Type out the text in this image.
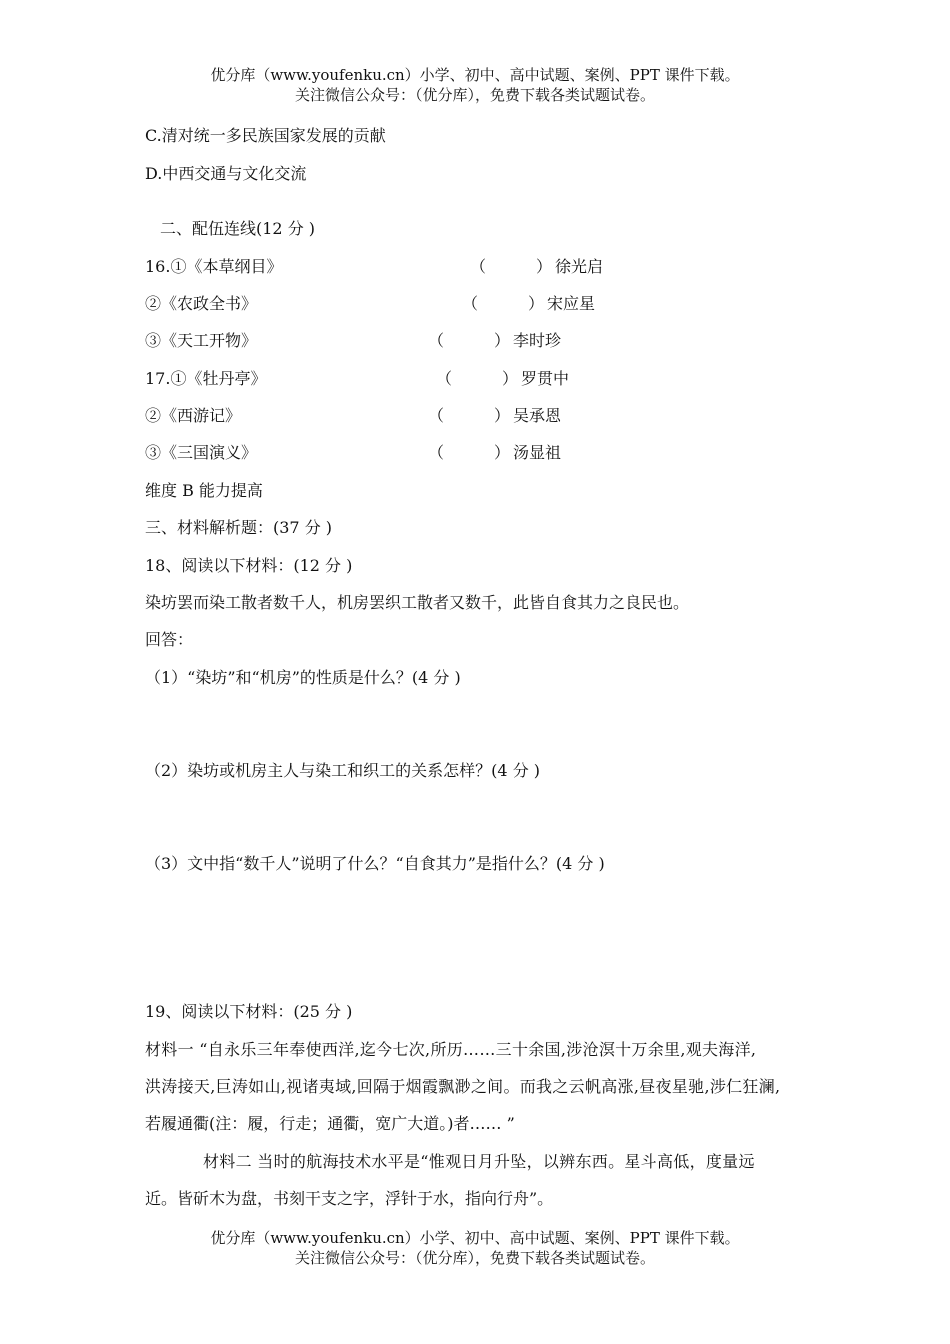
优分库（www.youfenku.cn）小学、初中、高中试题、案例、PPT 课件下载。
关注微信公众号：（优分库），免费下载各类试题试卷。
C.清对统一多民族国家发展的贡献
D.中西交通与文化交流
二、配伍连线(12 分 )
16.①《本草纲目》	（	） 徐光启
②《农政全书》	（	） 宋应星
③《天工开物》	（	） 李时珍
17.①《牡丹亭》	（	） 罗贯中
②《西游记》	（	） 吴承恩
③《三国演义》	（	） 汤显祖
维度 B 能力提高
三、材料解析题：(37 分 )
18、阅读以下材料：(12 分 )
染坊罢而染工散者数千人，机房罢织工散者又数千，此皆自食其力之良民也。
回答：
（1）“染坊”和“机房”的性质是什么？(4 分 )
（2）染坊或机房主人与染工和织工的关系怎样？(4 分 )
（3）文中指“数千人”说明了什么？“自食其力”是指什么？(4 分 )
19、阅读以下材料：(25 分 )
材料一 “自永乐三年奉使西洋,迄今七次,所历……三十余国,涉沧溟十万余里,观夫海洋,
洪涛接天,巨涛如山,视诸夷域,回隔于烟霞飘渺之间。而我之云帆高涨,昼夜星驰,涉仁狂澜,
若履通衢(注：履，行走；通衢，宽广大道。)者…… ”
材料二 当时的航海技术水平是“惟观日月升坠，以辨东西。星斗高低，度量远
近。皆斫木为盘，书刻干支之字，浮针于水，指向行舟”。
优分库（www.youfenku.cn）小学、初中、高中试题、案例、PPT 课件下载。
关注微信公众号：（优分库），免费下载各类试题试卷。
